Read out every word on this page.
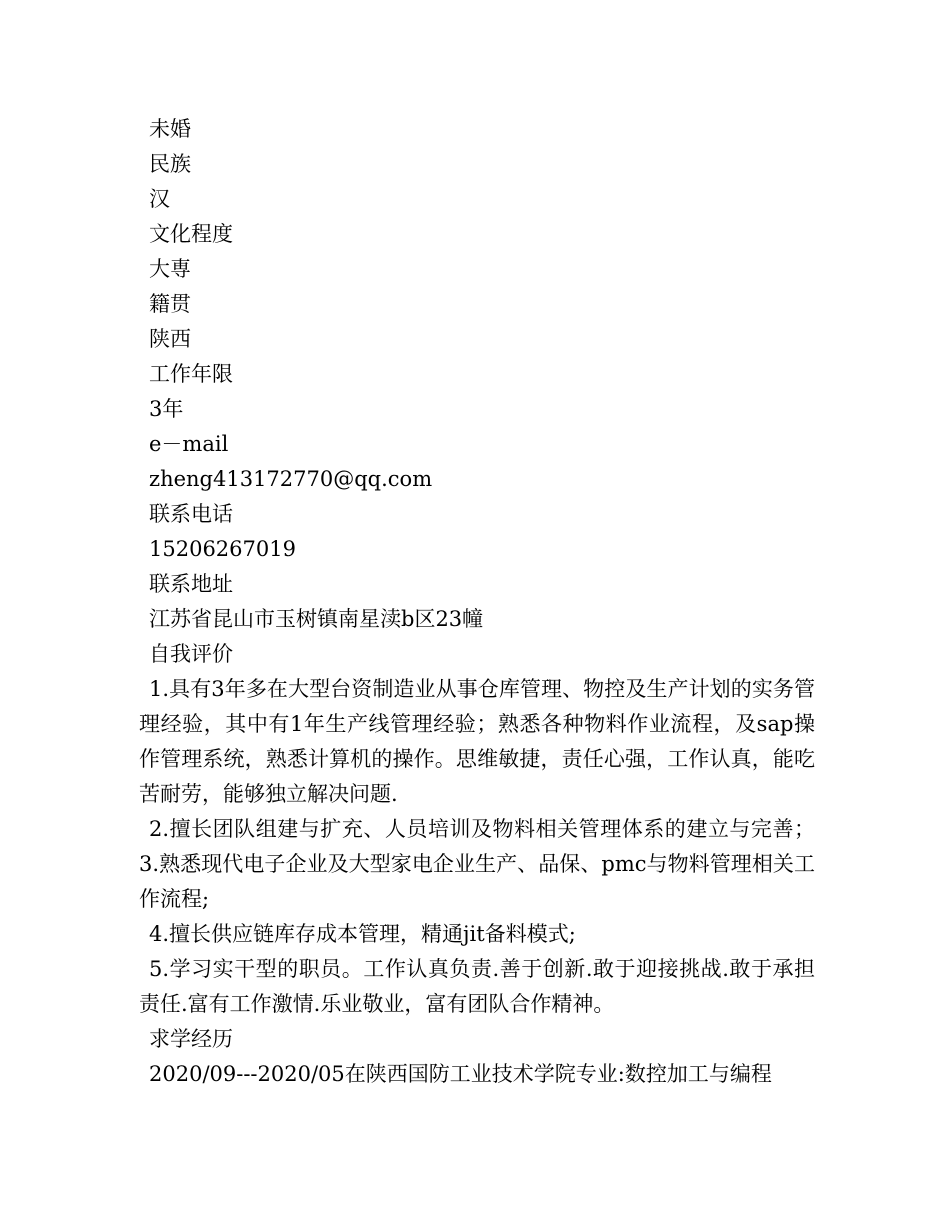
未婚
民族
汉
文化程度
大専
籍贯
陕西
工作年限
3年
e－mail
zheng413172770@qq.com
联系电话
15206267019
联系地址
江苏省昆山市玉树镇南星渎b区23幢
自我评价
1.具有3年多在大型台资制造业从事仓库管理、物控及生产计划的实务管理经验，其中有1年生产线管理经验；熟悉各种物料作业流程，及sap操作管理系统，熟悉计算机的操作。思维敏捷，责任心强，工作认真，能吃苦耐劳，能够独立解决问题.
2.擅长团队组建与扩充、人员培训及物料相关管理体系的建立与完善；3.熟悉现代电子企业及大型家电企业生产、品保、pmc与物料管理相关工作流程;
4.擅长供应链库存成本管理，精通jit备料模式;
5.学习实干型的职员。工作认真负责.善于创新.敢于迎接挑战.敢于承担责任.富有工作激情.乐业敬业，富有团队合作精神。
求学经历
2020/09---2020/05在陕西国防工业技术学院专业:数控加工与编程
